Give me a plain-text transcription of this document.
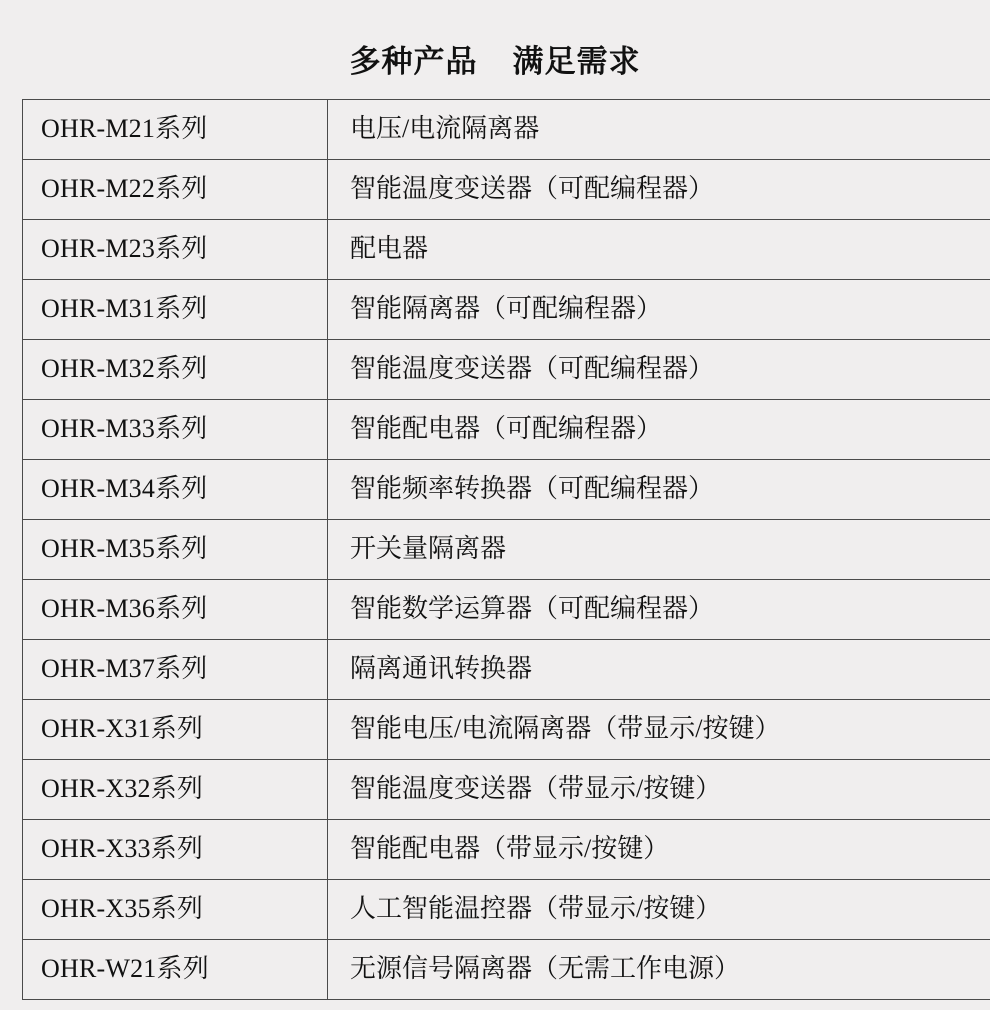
多种产品    满足需求
OHR-M21系列	电压/电流隔离器
OHR-M22系列	智能温度变送器（可配编程器）
OHR-M23系列	配电器
OHR-M31系列	智能隔离器（可配编程器）
OHR-M32系列	智能温度变送器（可配编程器）
OHR-M33系列	智能配电器（可配编程器）
OHR-M34系列	智能频率转换器（可配编程器）
OHR-M35系列	开关量隔离器
OHR-M36系列	智能数学运算器（可配编程器）
OHR-M37系列	隔离通讯转换器
OHR-X31系列	智能电压/电流隔离器（带显示/按键）
OHR-X32系列	智能温度变送器（带显示/按键）
OHR-X33系列	智能配电器（带显示/按键）
OHR-X35系列	人工智能温控器（带显示/按键）
OHR-W21系列	无源信号隔离器（无需工作电源）
